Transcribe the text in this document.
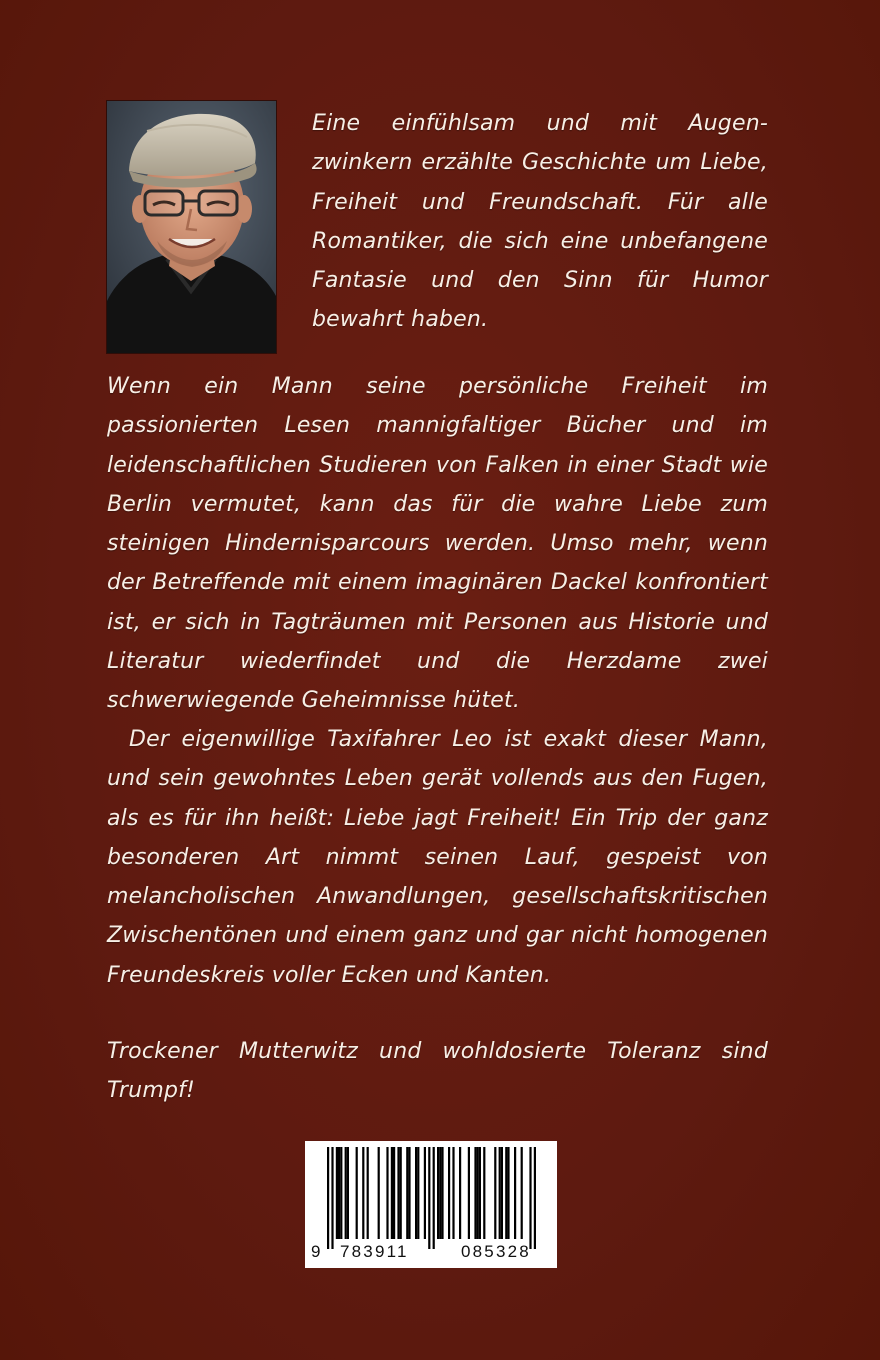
Eine einfühlsam und mit Augen-zwinkern erzählte Geschichte um Liebe, Freiheit und Freundschaft. Für alle Romantiker, die sich eine unbefangene Fantasie und den Sinn für Humor bewahrt haben.

Wenn ein Mann seine persönliche Freiheit im passionierten Lesen mannigfaltiger Bücher und im leidenschaftlichen Studieren von Falken in einer Stadt wie Berlin vermutet, kann das für die wahre Liebe zum steinigen Hindernisparcours werden. Umso mehr, wenn der Betreffende mit einem imaginären Dackel konfrontiert ist, er sich in Tagträumen mit Personen aus Historie und Literatur wiederfindet und die Herzdame zwei schwerwiegende Geheimnisse hütet.

Der eigenwillige Taxifahrer Leo ist exakt dieser Mann, und sein gewohntes Leben gerät vollends aus den Fugen, als es für ihn heißt: Liebe jagt Freiheit! Ein Trip der ganz besonderen Art nimmt seinen Lauf, gespeist von melancholischen Anwandlungen, gesellschaftskritischen Zwischentönen und einem ganz und gar nicht homogenen Freundeskreis voller Ecken und Kanten.

Trockener Mutterwitz und wohldosierte Toleranz sind Trumpf!

9 783911	085328
